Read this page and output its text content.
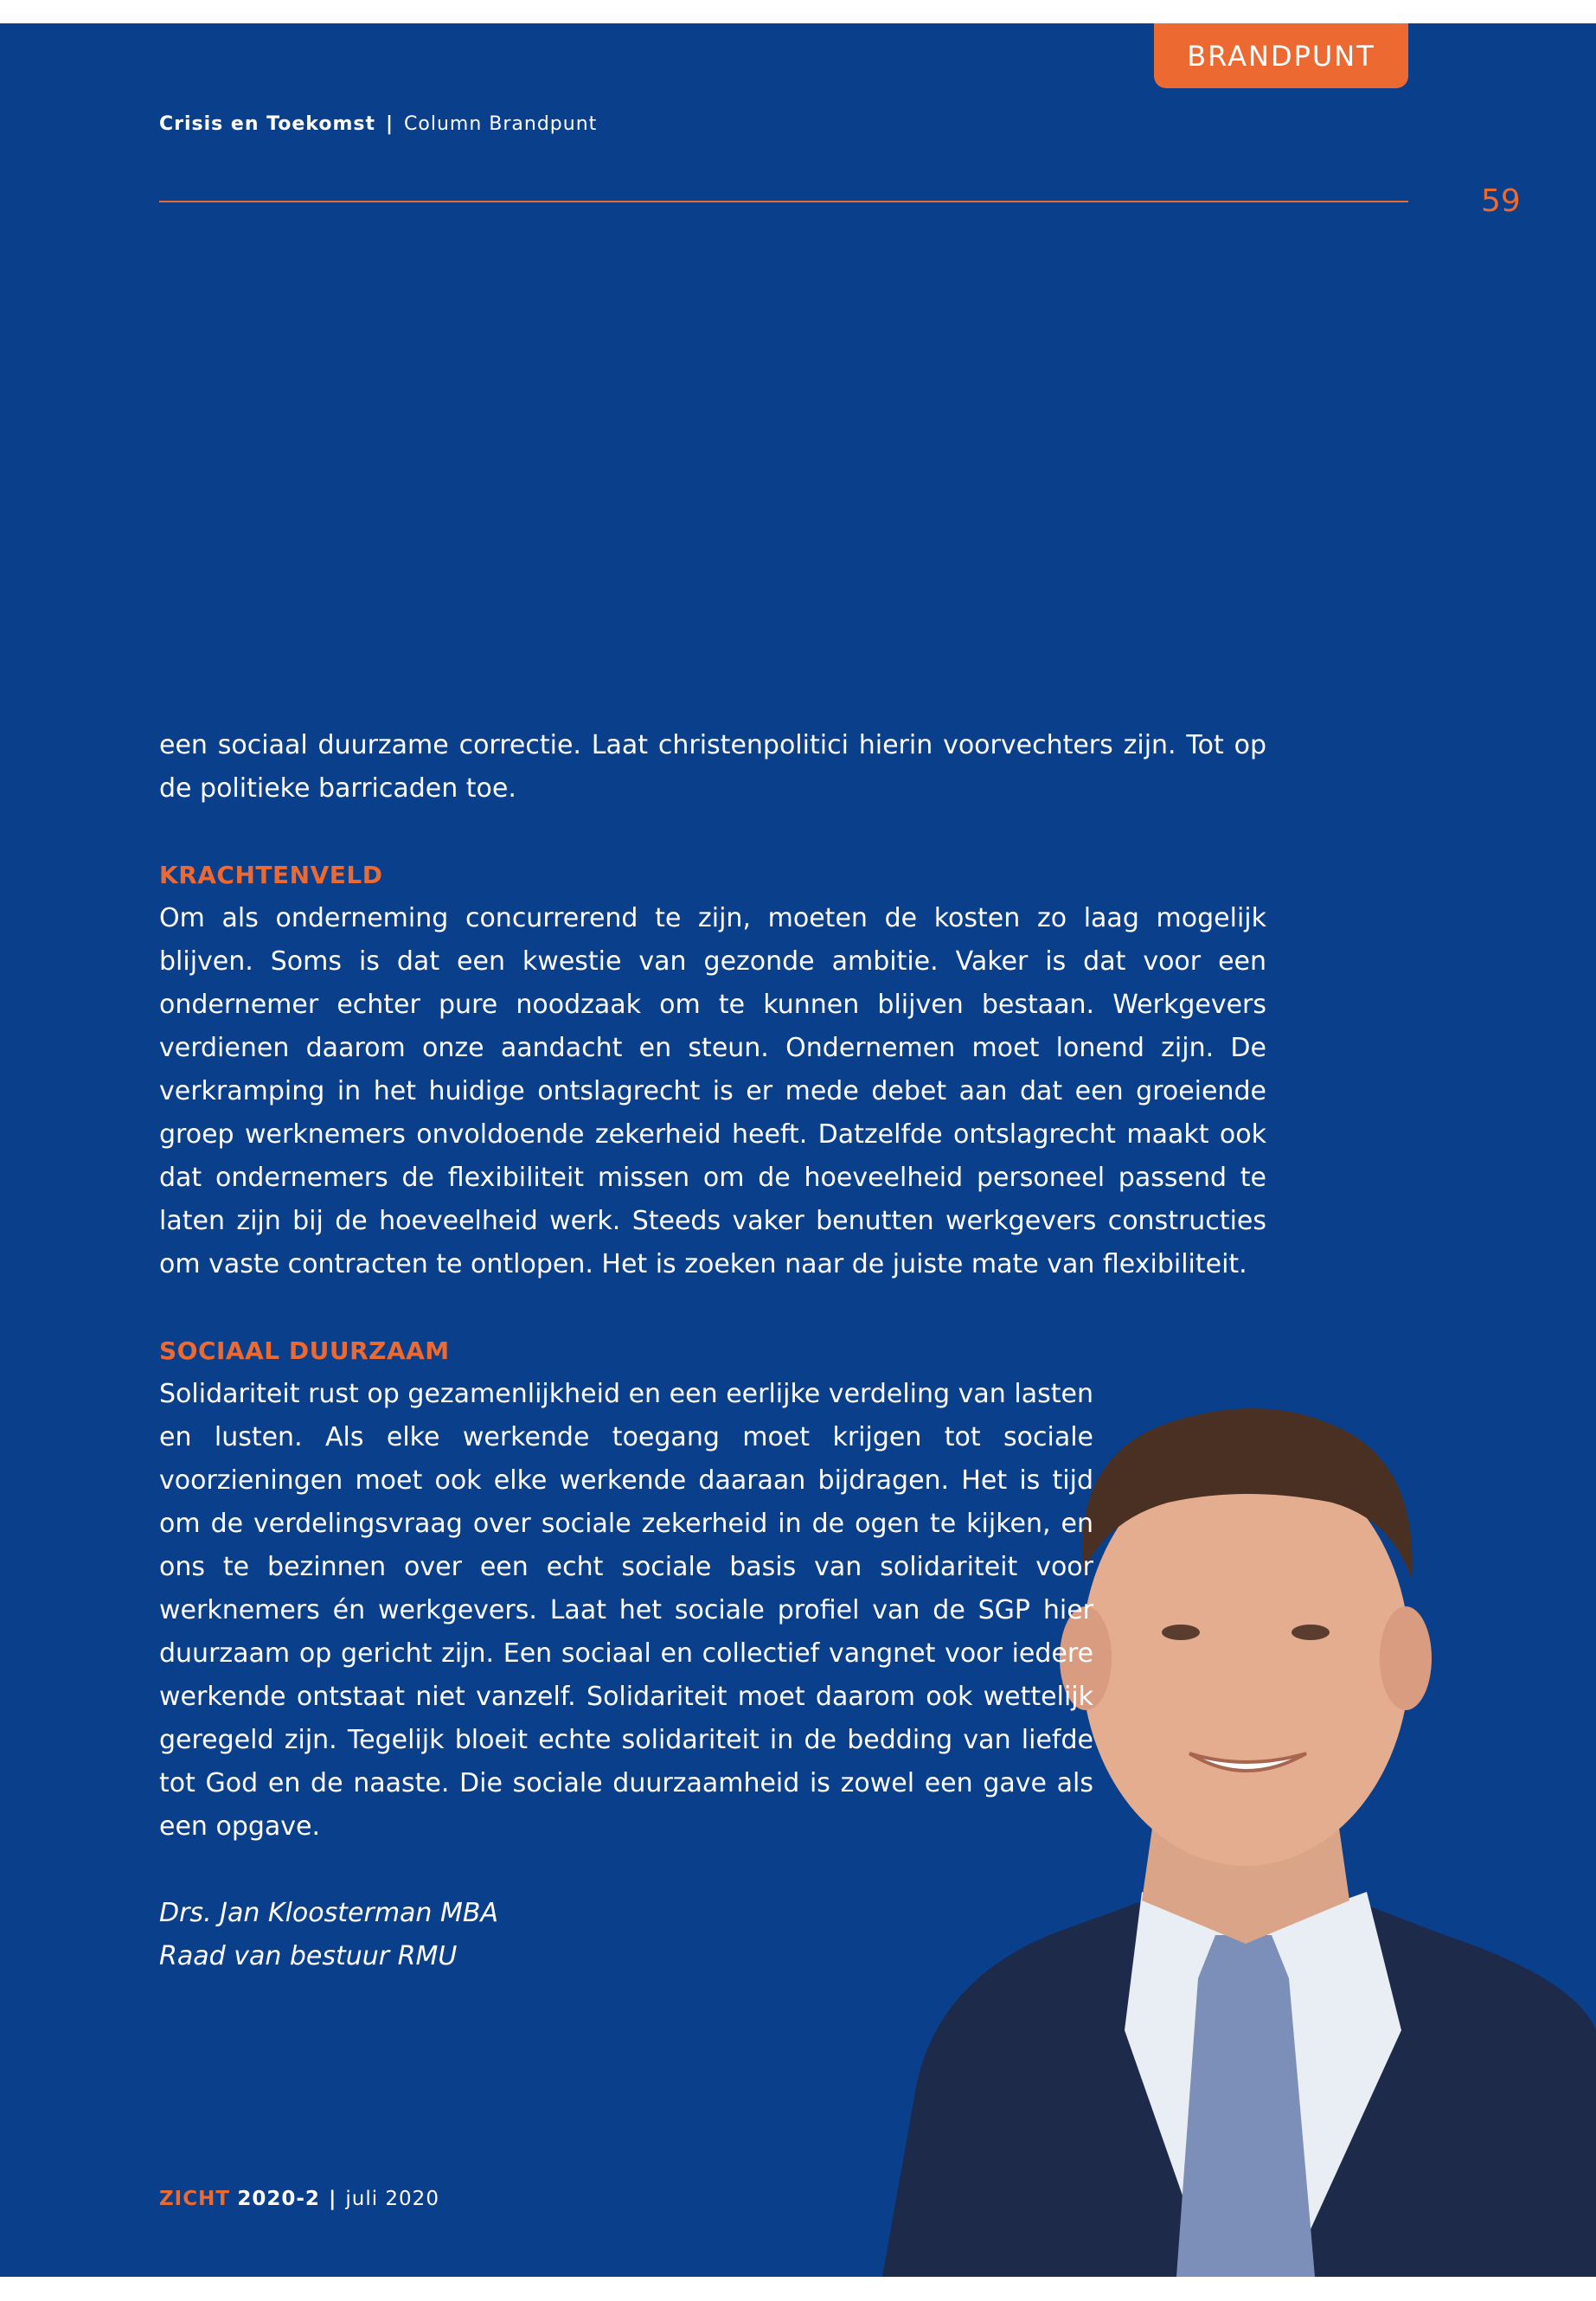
BRANDPUNT
Crisis en Toekomst | Column Brandpunt
59

een sociaal duurzame correctie. Laat christenpolitici hierin voorvechters zijn. Tot op de politieke barricaden toe.

KRACHTENVELD

Om als onderneming concurrerend te zijn, moeten de kosten zo laag mogelijk blijven. Soms is dat een kwestie van gezonde ambitie. Vaker is dat voor een ondernemer echter pure noodzaak om te kunnen blijven bestaan. Werkgevers verdienen daarom onze aandacht en steun. Ondernemen moet lonend zijn. De verkramping in het huidige ontslagrecht is er mede debet aan dat een groeiende groep werknemers onvoldoende zekerheid heeft. Datzelfde ontslagrecht maakt ook dat ondernemers de flexibiliteit missen om de hoeveelheid personeel passend te laten zijn bij de hoeveelheid werk. Steeds vaker benutten werkgevers constructies om vaste contracten te ontlopen. Het is zoeken naar de juiste mate van flexibiliteit.

SOCIAAL DUURZAAM

Solidariteit rust op gezamenlijkheid en een eerlijke verdeling van lasten en lusten. Als elke werkende toegang moet krijgen tot sociale voorzieningen moet ook elke werkende daaraan bijdragen. Het is tijd om de verdelingsvraag over sociale zekerheid in de ogen te kijken, en ons te bezinnen over een echt sociale basis van solidariteit voor werknemers én werkgevers. Laat het sociale profiel van de SGP hier duurzaam op gericht zijn. Een sociaal en collectief vangnet voor iedere werkende ontstaat niet vanzelf. Solidariteit moet daarom ook wettelijk geregeld zijn. Tegelijk bloeit echte solidariteit in de bedding van liefde tot God en de naaste. Die sociale duurzaamheid is zowel een gave als een opgave.

Drs. Jan Kloosterman MBA

Raad van bestuur RMU

ZICHT 2020-2 | juli 2020
